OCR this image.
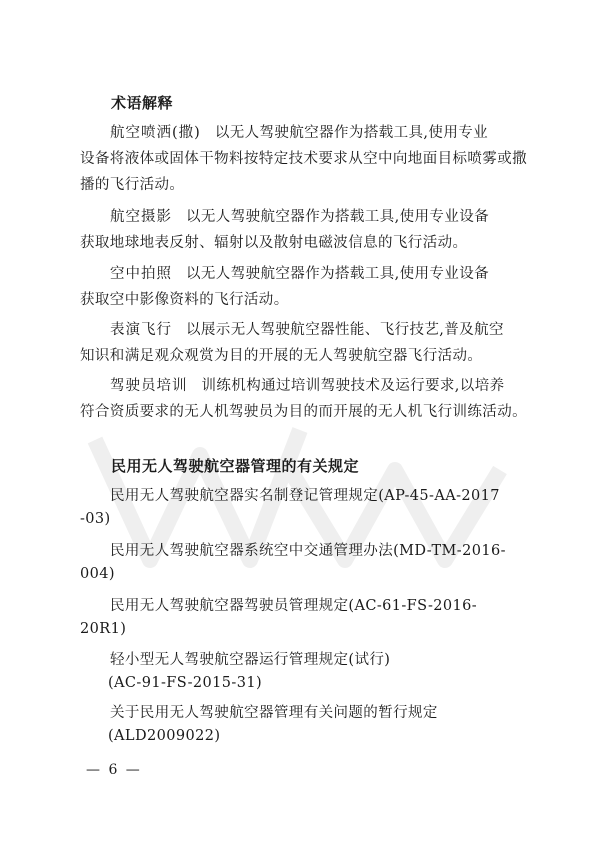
术语解释
航空喷洒(撒) 以无人驾驶航空器作为搭载工具,使用专业
设备将液体或固体干物料按特定技术要求从空中向地面目标喷雾或撒播的飞行活动。
航空摄影 以无人驾驶航空器作为搭载工具,使用专业设备
获取地球地表反射、辐射以及散射电磁波信息的飞行活动。
空中拍照 以无人驾驶航空器作为搭载工具,使用专业设备
获取空中影像资料的飞行活动。
表演飞行 以展示无人驾驶航空器性能、飞行技艺,普及航空
知识和满足观众观赏为目的开展的无人驾驶航空器飞行活动。
驾驶员培训 训练机构通过培训驾驶技术及运行要求,以培养
符合资质要求的无人机驾驶员为目的而开展的无人机飞行训练活动。
民用无人驾驶航空器管理的有关规定
民用无人驾驶航空器实名制登记管理规定(AP-45-AA-2017
-03)
民用无人驾驶航空器系统空中交通管理办法(MD-TM-2016-
004)
民用无人驾驶航空器驾驶员管理规定(AC-61-FS-2016-
20R1)
轻小型无人驾驶航空器运行管理规定(试行)
(AC-91-FS-2015-31)
关于民用无人驾驶航空器管理有关问题的暂行规定
(ALD2009022)
— 6 —
